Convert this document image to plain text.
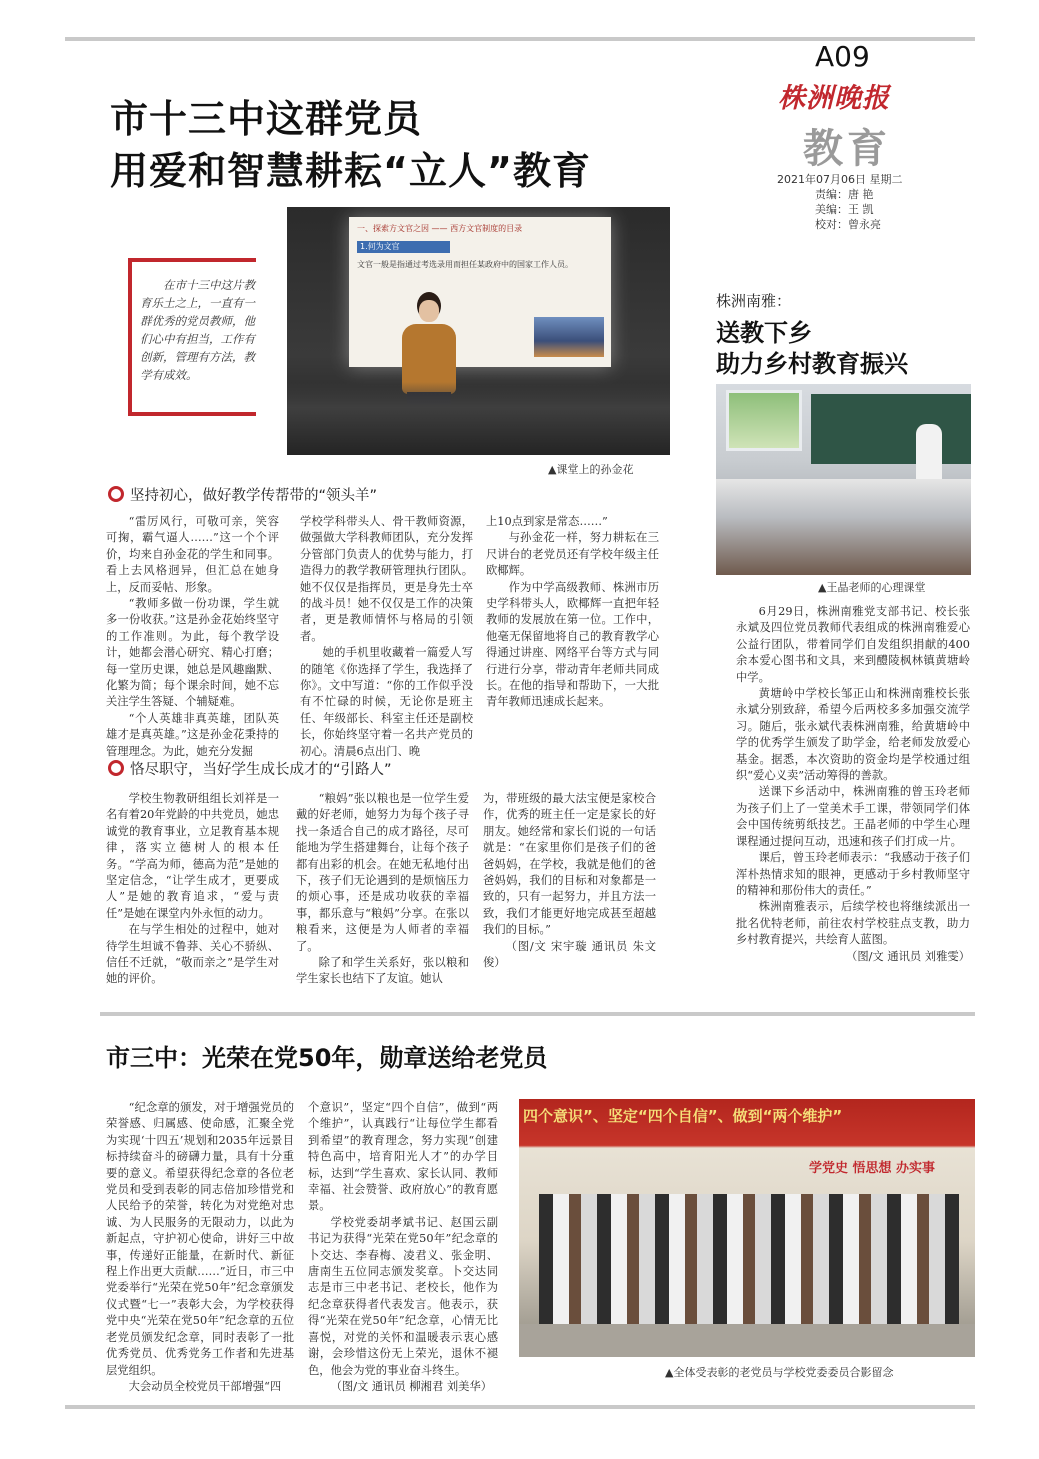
A09
株洲晚报
教育
2021年07月06日 星期二
责编：唐 艳
美编：王 凯
校对：曾永亮
市十三中这群党员
用爱和智慧耕耘“立人”教育
在市十三中这片教育乐土之上，一直有一群优秀的党员教师，他们心中有担当，工作有创新，管理有方法，教学有成效。
一、探索方文官之因 —— 西方文官制度的目录
1.何为文官
文官一般是指通过考选录用而担任某政府中的国家工作人员。
▲课堂上的孙金花
坚持初心，做好教学传帮带的“领头羊”

“雷厉风行，可敬可亲，笑容可掬，霸气逼人……”这一个个评价，均来自孙金花的学生和同事。看上去风格迥异，但汇总在她身上，反而妥帖、形象。

“教师多做一份功课，学生就多一份收获。”这是孙金花始终坚守的工作准则。为此，每个教学设计，她都会潜心研究、精心打磨；每一堂历史课，她总是风趣幽默、化繁为简；每个课余时间，她不忘关注学生答疑、个辅疑难。

“个人英雄非真英雄，团队英雄才是真英雄。”这是孙金花秉持的管理理念。为此，她充分发掘

学校学科带头人、骨干教师资源，做强做大学科教师团队，充分发挥分管部门负责人的优势与能力，打造得力的教学教研管理执行团队。她不仅仅是指挥员，更是身先士卒的战斗员！她不仅仅是工作的决策者，更是教师情怀与格局的引领者。

她的手机里收藏着一篇爱人写的随笔《你选择了学生，我选择了你》。文中写道：“你的工作似乎没有不忙碌的时候，无论你是班主任、年级部长、科室主任还是副校长，你始终坚守着一名共产党员的初心。清晨6点出门、晚

上10点到家是常态……”

与孙金花一样，努力耕耘在三尺讲台的老党员还有学校年级主任欧椰辉。

作为中学高级教师、株洲市历史学科带头人，欧椰辉一直把年轻教师的发展放在第一位。工作中，他毫无保留地将自己的教育教学心得通过讲座、网络平台等方式与同行进行分享，带动青年老师共同成长。在他的指导和帮助下，一大批青年教师迅速成长起来。

恪尽职守，当好学生成长成才的“引路人”

学校生物教研组组长刘祥是一名有着20年党龄的中共党员，她忠诚党的教育事业，立足教育基本规律，落实立德树人的根本任务。“学高为师，德高为范”是她的坚定信念，“让学生成才，更要成人”是她的教育追求，“爱与责任”是她在课堂内外永恒的动力。

在与学生相处的过程中，她对待学生坦诚不鲁莽、关心不骄纵、信任不迁就，“敬而亲之”是学生对她的评价。

“粮妈”张以粮也是一位学生爱戴的好老师，她努力为每个孩子寻找一条适合自己的成才路径，尽可能地为学生搭建舞台，让每个孩子都有出彩的机会。在她无私地付出下，孩子们无论遇到的是烦恼压力的烦心事，还是成功收获的幸福事，都乐意与“粮妈”分享。在张以粮看来，这便是为人师者的幸福了。

除了和学生关系好，张以粮和学生家长也结下了友谊。她认

为，带班级的最大法宝便是家校合作，优秀的班主任一定是家长的好朋友。她经常和家长们说的一句话就是：“在家里你们是孩子们的爸爸妈妈，在学校，我就是他们的爸爸妈妈，我们的目标和对象都是一致的，只有一起努力，并且方法一致，我们才能更好地完成甚至超越我们的目标。”

（图/文 宋宇璇 通讯员 朱文俊）

株洲南雅：
送教下乡
助力乡村教育振兴
▲王晶老师的心理课堂

6月29日，株洲南雅党支部书记、校长张永斌及四位党员教师代表组成的株洲南雅爱心公益行团队，带着同学们自发组织捐献的400余本爱心图书和文具，来到醴陵枫林镇黄塘岭中学。

黄塘岭中学校长邹正山和株洲南雅校长张永斌分别致辞，希望今后两校多多加强交流学习。随后，张永斌代表株洲南雅，给黄塘岭中学的优秀学生颁发了助学金，给老师发放爱心基金。据悉，本次资助的资金均是学校通过组织“爱心义卖”活动筹得的善款。

送课下乡活动中，株洲南雅的曾玉玲老师为孩子们上了一堂美术手工课，带领同学们体会中国传统剪纸技艺。王晶老师的中学生心理课程通过提问互动，迅速和孩子们打成一片。

课后，曾玉玲老师表示：“我感动于孩子们浑朴热情求知的眼神，更感动于乡村教师坚守的精神和那份伟大的责任。”

株洲南雅表示，后续学校也将继续派出一批名优特老师，前往农村学校驻点支教，助力乡村教育提兴，共绘育人蓝图。

（图/文 通讯员 刘雅雯）

市三中：光荣在党50年，勋章送给老党员

“纪念章的颁发，对于增强党员的荣誉感、归属感、使命感，汇聚全党为实现‘十四五’规划和2035年远景目标持续奋斗的磅礴力量，具有十分重要的意义。希望获得纪念章的各位老党员和受到表彰的同志倍加珍惜党和人民给予的荣誉，转化为对党绝对忠诚、为人民服务的无限动力，以此为新起点，守护初心使命，讲好三中故事，传递好正能量，在新时代、新征程上作出更大贡献……”近日，市三中党委举行“光荣在党50年”纪念章颁发仪式暨“七一”表彰大会，为学校获得党中央“光荣在党50年”纪念章的五位老党员颁发纪念章，同时表彰了一批优秀党员、优秀党务工作者和先进基层党组织。

大会动员全校党员干部增强“四

个意识”，坚定“四个自信”，做到“两个维护”，认真践行“让每位学生都看到希望”的教育理念，努力实现“创建特色高中，培育阳光人才”的办学目标，达到“学生喜欢、家长认同、教师幸福、社会赞誉、政府放心”的教育愿景。

学校党委胡孝斌书记、赵国云副书记为获得“光荣在党50年”纪念章的卜交达、李春梅、凌君义、张金明、唐南生五位同志颁发奖章。卜交达同志是市三中老书记、老校长，他作为纪念章获得者代表发言。他表示，获得“光荣在党50年”纪念章，心情无比喜悦，对党的关怀和温暖表示衷心感谢，会珍惜这份无上荣光，退休不褪色，他会为党的事业奋斗终生。

（图/文 通讯员 柳湘君 刘美华）

四个意识”、坚定“四个自信”、做到“两个维护”
学党史 悟思想 办实事
▲全体受表彰的老党员与学校党委委员合影留念
